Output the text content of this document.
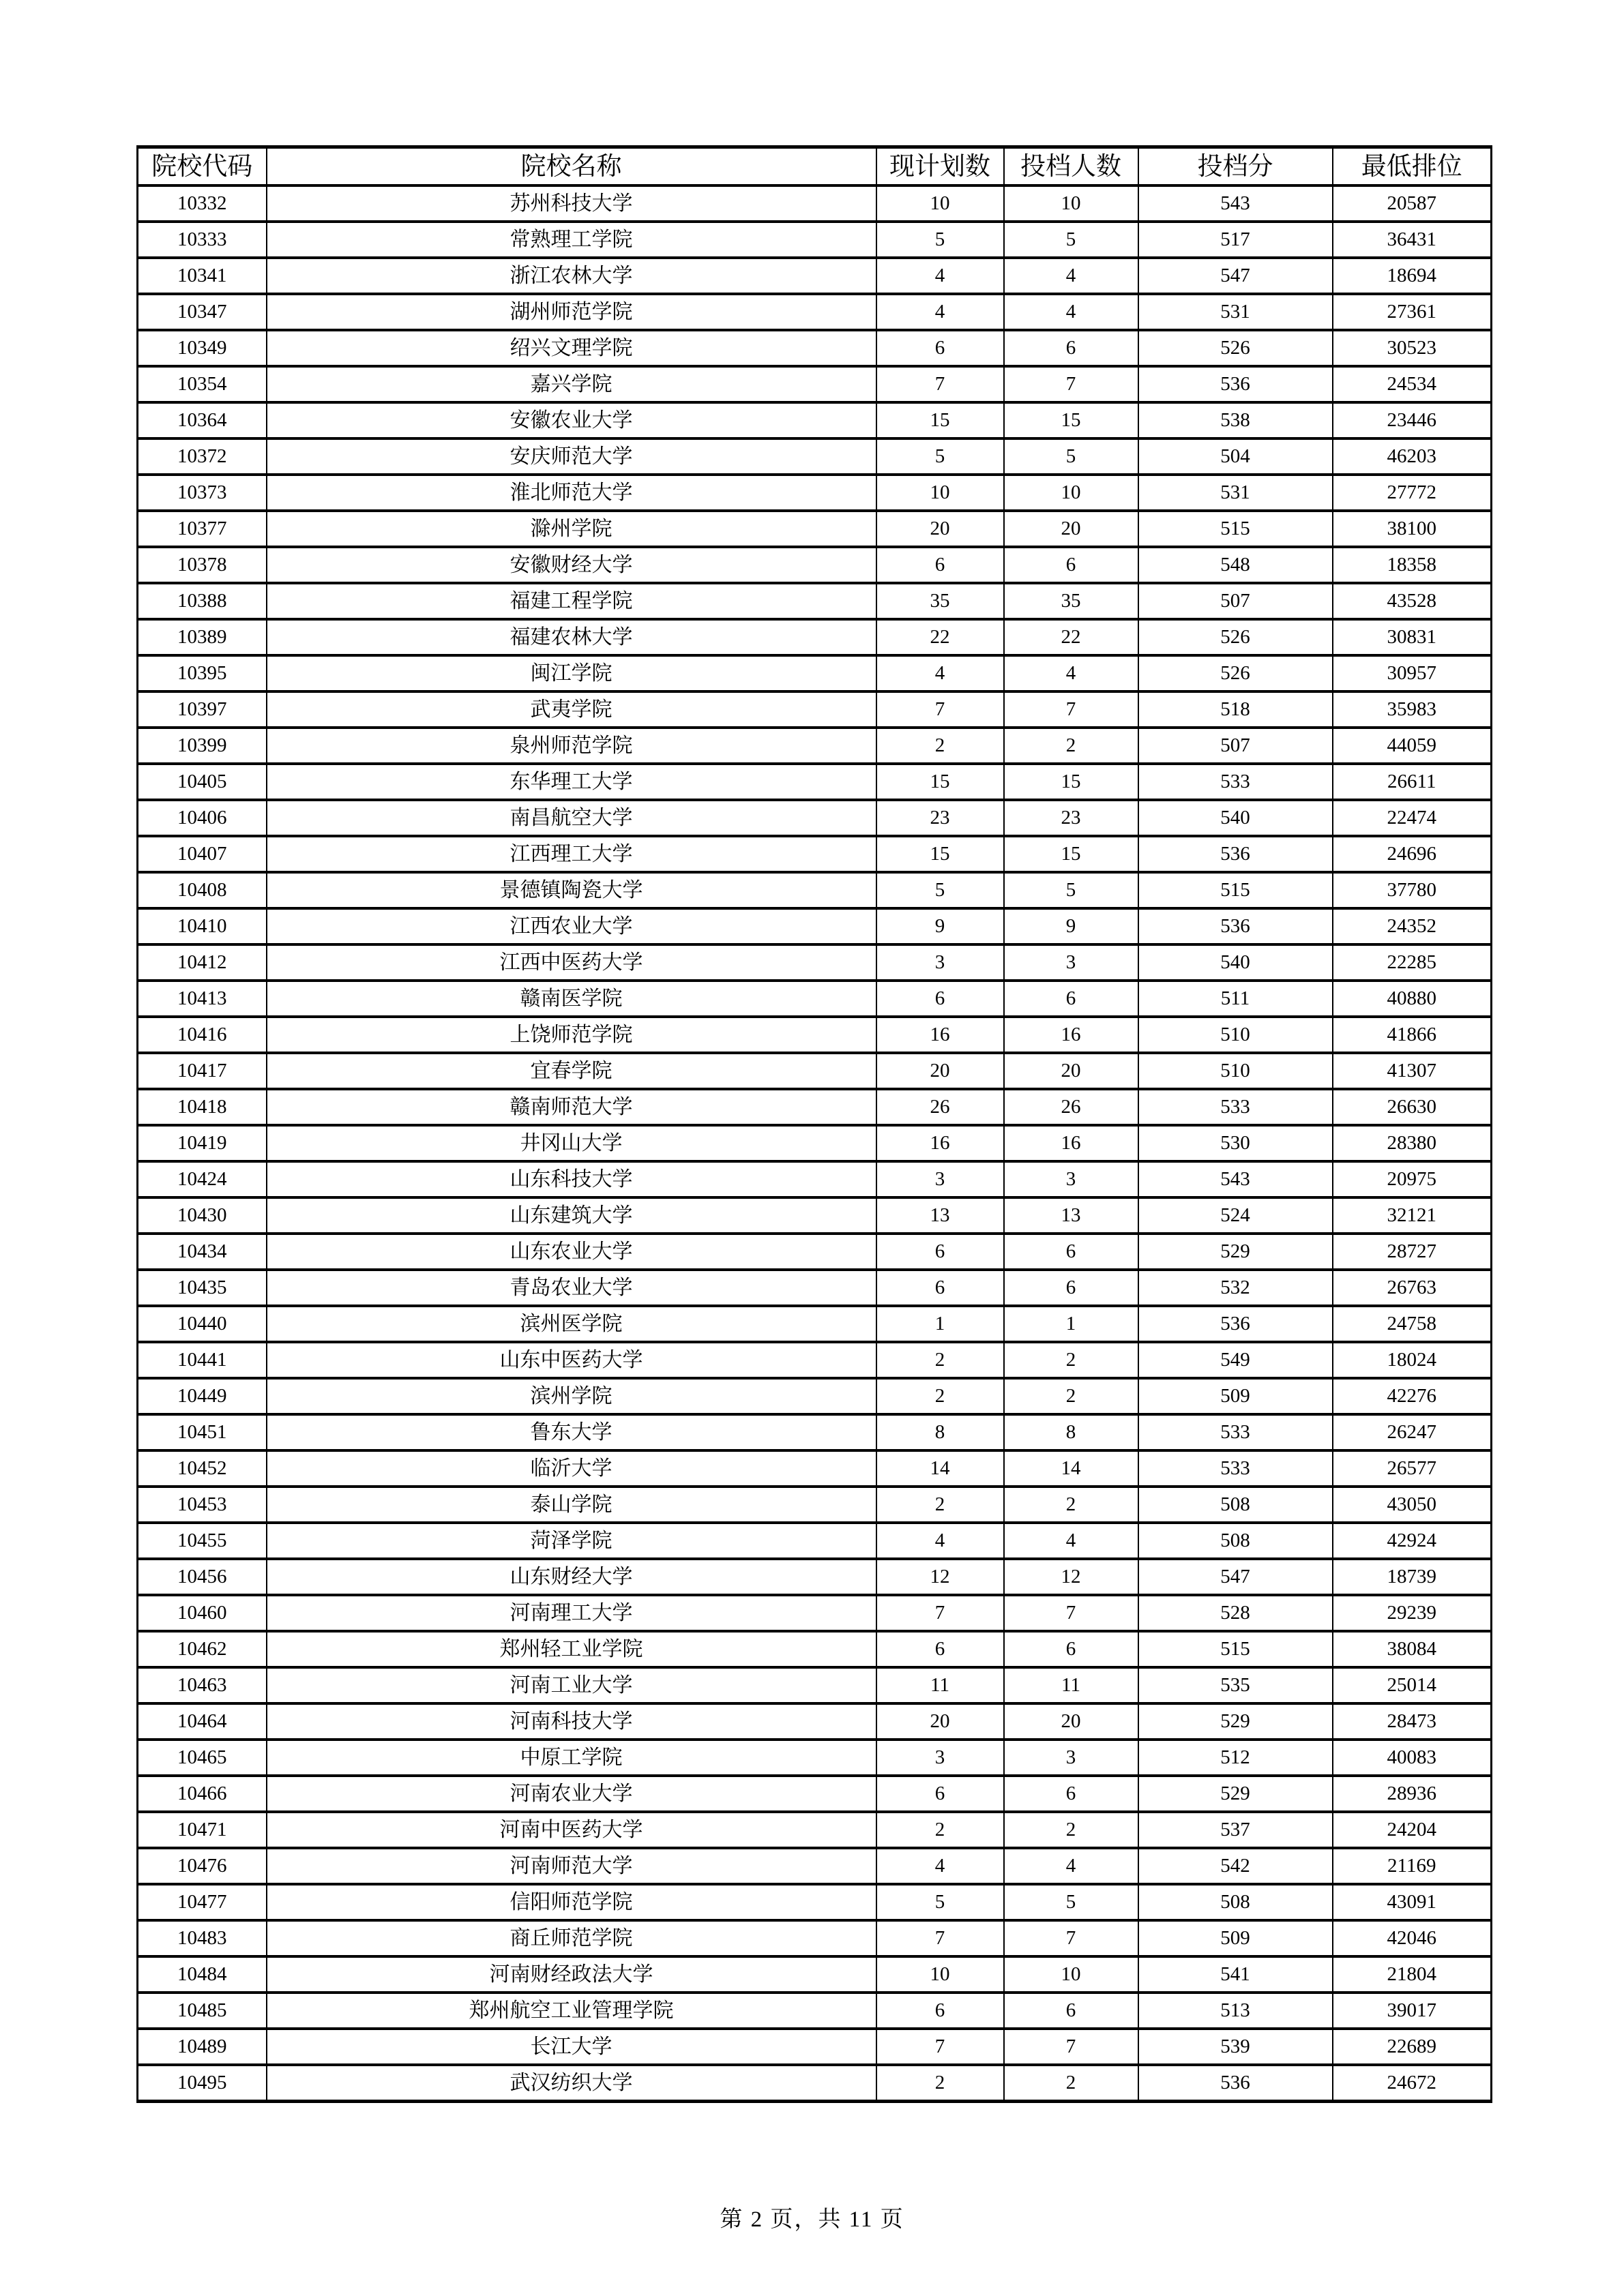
院校代码	院校名称	现计划数	投档人数	投档分	最低排位
10332	苏州科技大学	10	10	543	20587
10333	常熟理工学院	5	5	517	36431
10341	浙江农林大学	4	4	547	18694
10347	湖州师范学院	4	4	531	27361
10349	绍兴文理学院	6	6	526	30523
10354	嘉兴学院	7	7	536	24534
10364	安徽农业大学	15	15	538	23446
10372	安庆师范大学	5	5	504	46203
10373	淮北师范大学	10	10	531	27772
10377	滁州学院	20	20	515	38100
10378	安徽财经大学	6	6	548	18358
10388	福建工程学院	35	35	507	43528
10389	福建农林大学	22	22	526	30831
10395	闽江学院	4	4	526	30957
10397	武夷学院	7	7	518	35983
10399	泉州师范学院	2	2	507	44059
10405	东华理工大学	15	15	533	26611
10406	南昌航空大学	23	23	540	22474
10407	江西理工大学	15	15	536	24696
10408	景德镇陶瓷大学	5	5	515	37780
10410	江西农业大学	9	9	536	24352
10412	江西中医药大学	3	3	540	22285
10413	赣南医学院	6	6	511	40880
10416	上饶师范学院	16	16	510	41866
10417	宜春学院	20	20	510	41307
10418	赣南师范大学	26	26	533	26630
10419	井冈山大学	16	16	530	28380
10424	山东科技大学	3	3	543	20975
10430	山东建筑大学	13	13	524	32121
10434	山东农业大学	6	6	529	28727
10435	青岛农业大学	6	6	532	26763
10440	滨州医学院	1	1	536	24758
10441	山东中医药大学	2	2	549	18024
10449	滨州学院	2	2	509	42276
10451	鲁东大学	8	8	533	26247
10452	临沂大学	14	14	533	26577
10453	泰山学院	2	2	508	43050
10455	菏泽学院	4	4	508	42924
10456	山东财经大学	12	12	547	18739
10460	河南理工大学	7	7	528	29239
10462	郑州轻工业学院	6	6	515	38084
10463	河南工业大学	11	11	535	25014
10464	河南科技大学	20	20	529	28473
10465	中原工学院	3	3	512	40083
10466	河南农业大学	6	6	529	28936
10471	河南中医药大学	2	2	537	24204
10476	河南师范大学	4	4	542	21169
10477	信阳师范学院	5	5	508	43091
10483	商丘师范学院	7	7	509	42046
10484	河南财经政法大学	10	10	541	21804
10485	郑州航空工业管理学院	6	6	513	39017
10489	长江大学	7	7	539	22689
10495	武汉纺织大学	2	2	536	24672
第 2 页，共 11 页
